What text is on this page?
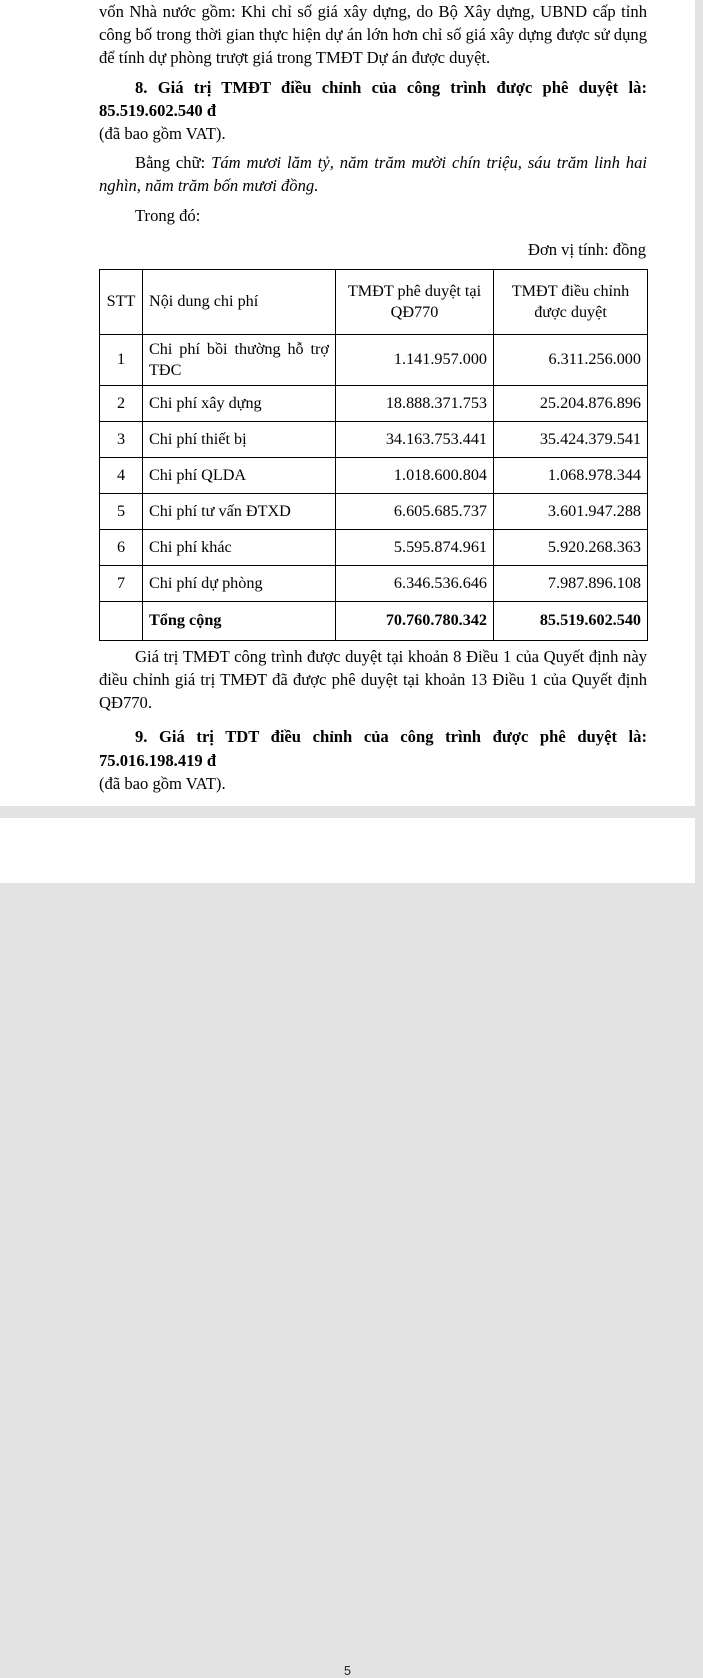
vốn Nhà nước gồm: Khi chỉ số giá xây dựng, do Bộ Xây dựng, UBND cấp tỉnh công bố trong thời gian thực hiện dự án lớn hơn chỉ số giá xây dựng được sử dụng để tính dự phòng trượt giá trong TMĐT Dự án được duyệt.

8. Giá trị TMĐT điều chỉnh của công trình được phê duyệt là: 85.519.602.540 đ

(đã bao gồm VAT).

Bằng chữ: Tám mươi lăm tỷ, năm trăm mười chín triệu, sáu trăm linh hai nghìn, năm trăm bốn mươi đồng.

Trong đó:

Đơn vị tính: đồng

STT	Nội dung chi phí	TMĐT phê duyệt tại QĐ770	TMĐT điều chỉnh được duyệt
1	Chi phí bồi thường hỗ trợ TĐC	1.141.957.000	6.311.256.000
2	Chi phí xây dựng	18.888.371.753	25.204.876.896
3	Chi phí thiết bị	34.163.753.441	35.424.379.541
4	Chi phí QLDA	1.018.600.804	1.068.978.344
5	Chi phí tư vấn ĐTXD	6.605.685.737	3.601.947.288
6	Chi phí khác	5.595.874.961	5.920.268.363
7	Chi phí dự phòng	6.346.536.646	7.987.896.108
	Tổng cộng	70.760.780.342	85.519.602.540

Giá trị TMĐT công trình được duyệt tại khoản 8 Điều 1 của Quyết định này điều chỉnh giá trị TMĐT đã được phê duyệt tại khoản 13 Điều 1 của Quyết định QĐ770.

9. Giá trị TDT điều chỉnh của công trình được phê duyệt là: 75.016.198.419 đ

(đã bao gồm VAT).

5
